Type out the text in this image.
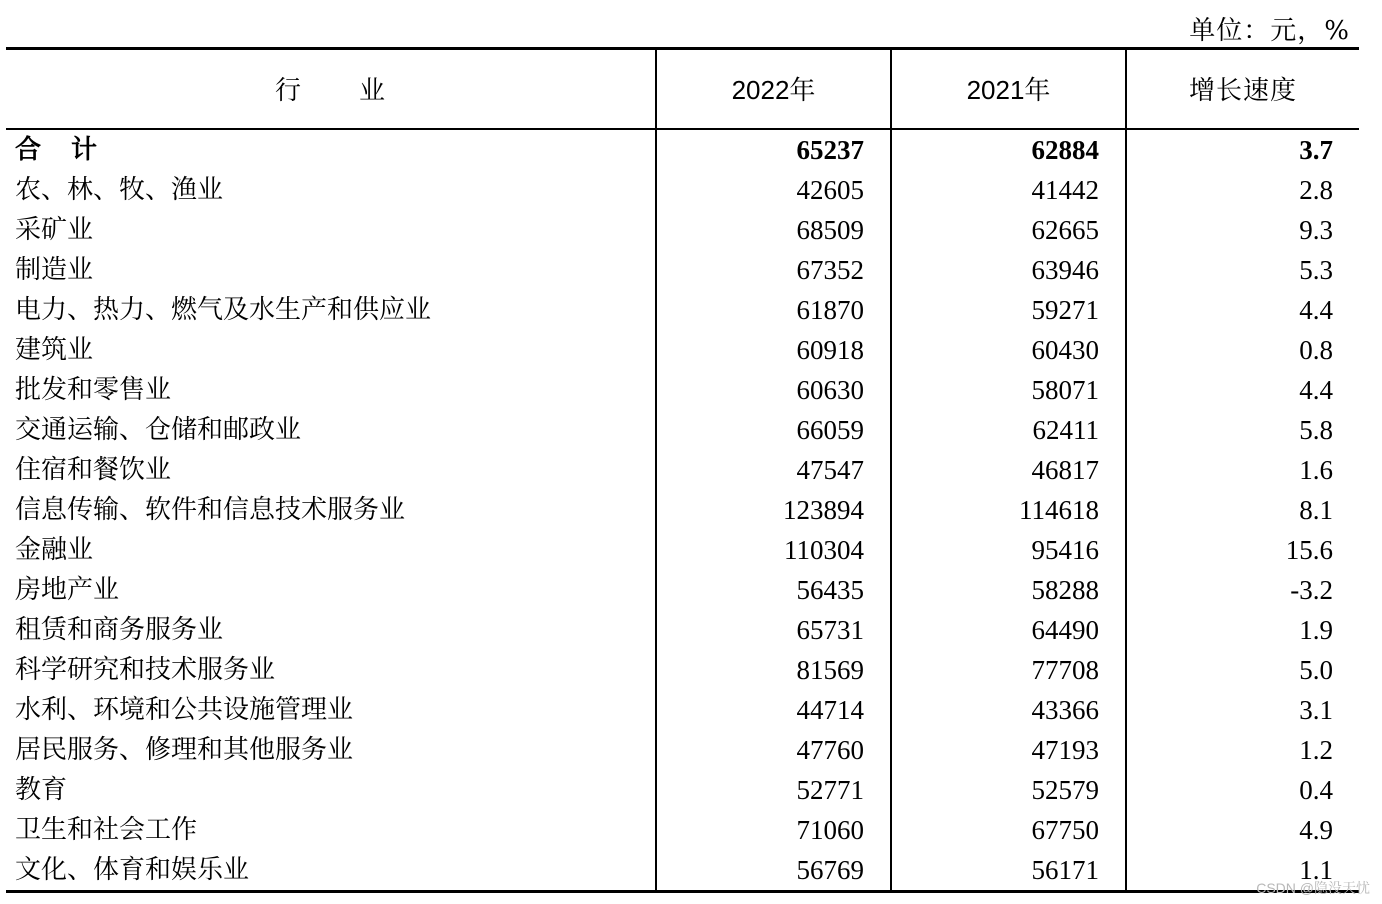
单位：元，%
行业	2022年	2021年	增长速度
合计	65237	62884	3.7
农、林、牧、渔业	42605	41442	2.8
采矿业	68509	62665	9.3
制造业	67352	63946	5.3
电力、热力、燃气及水生产和供应业	61870	59271	4.4
建筑业	60918	60430	0.8
批发和零售业	60630	58071	4.4
交通运输、仓储和邮政业	66059	62411	5.8
住宿和餐饮业	47547	46817	1.6
信息传输、软件和信息技术服务业	123894	114618	8.1
金融业	110304	95416	15.6
房地产业	56435	58288	-3.2
租赁和商务服务业	65731	64490	1.9
科学研究和技术服务业	81569	77708	5.0
水利、环境和公共设施管理业	44714	43366	3.1
居民服务、修理和其他服务业	47760	47193	1.2
教育	52771	52579	0.4
卫生和社会工作	71060	67750	4.9
文化、体育和娱乐业	56769	56171	1.1
CSDN @隐没天忧
